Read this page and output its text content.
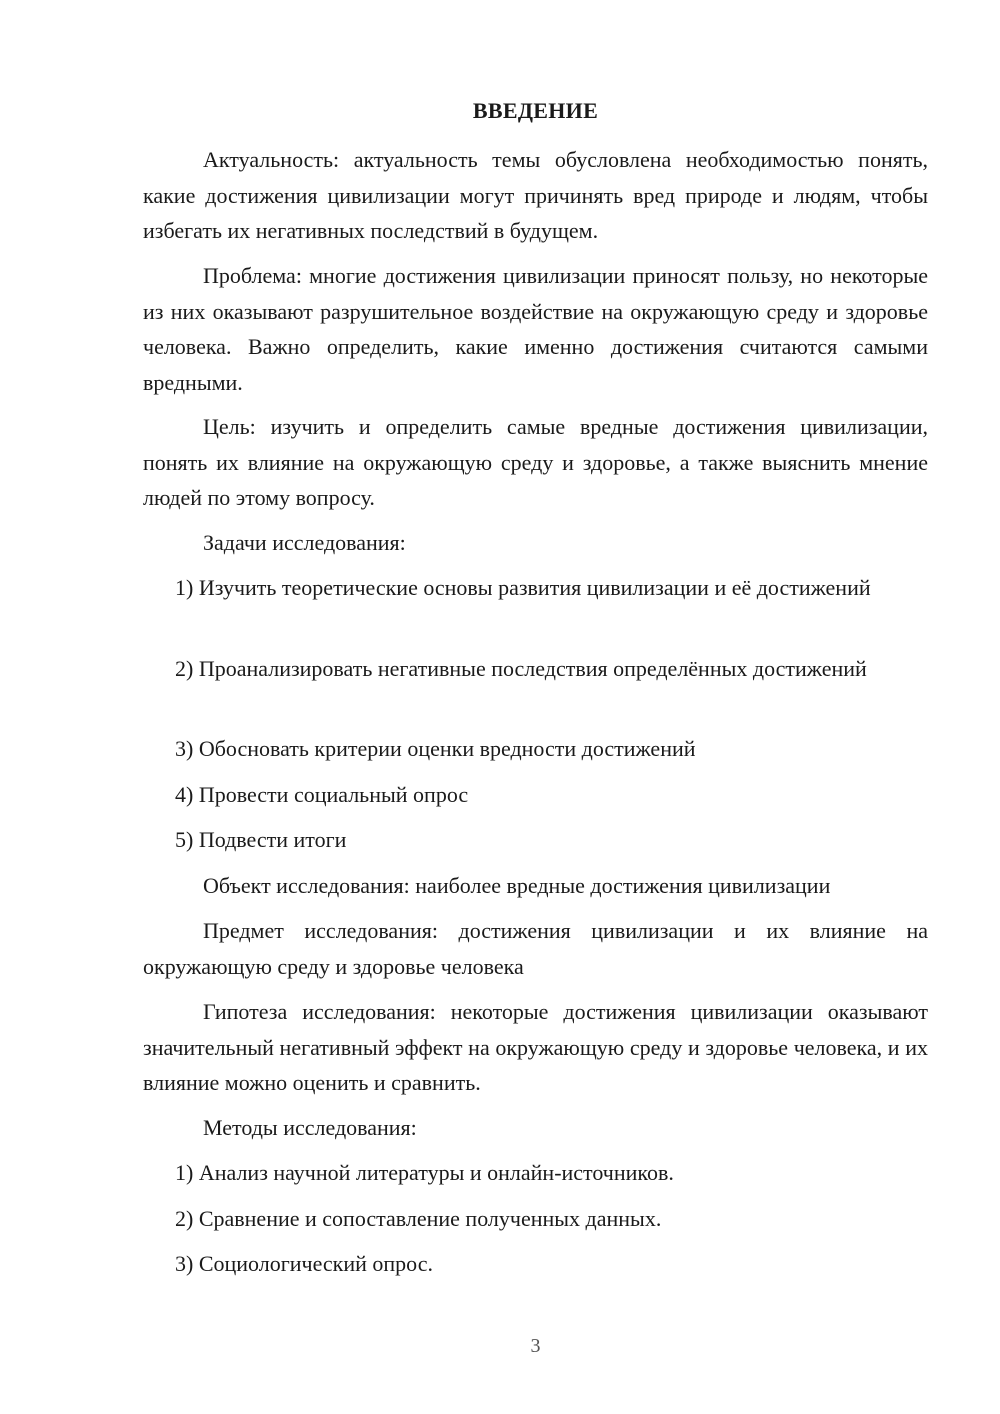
ВВЕДЕНИЕ

Актуальность: актуальность темы обусловлена необходимостью понять, какие достижения цивилизации могут причинять вред природе и людям, чтобы избегать их негативных последствий в будущем.

Проблема: многие достижения цивилизации приносят пользу, но некоторые из них оказывают разрушительное воздействие на окружающую среду и здоровье человека. Важно определить, какие именно достижения считаются самыми вредными.

Цель: изучить и определить самые вредные достижения цивилизации, понять их влияние на окружающую среду и здоровье, а также выяснить мнение людей по этому вопросу.

Задачи исследования:

1) Изучить теоретические основы развития цивилизации и её достижений

2) Проанализировать негативные последствия определённых достижений

3) Обосновать критерии оценки вредности достижений

4) Провести социальный опрос

5) Подвести итоги

Объект исследования: наиболее вредные достижения цивилизации

Предмет исследования: достижения цивилизации и их влияние на окружающую среду и здоровье человека

Гипотеза исследования: некоторые достижения цивилизации оказывают значительный негативный эффект на окружающую среду и здоровье человека, и их влияние можно оценить и сравнить.

Методы исследования:

1) Анализ научной литературы и онлайн-источников.

2) Сравнение и сопоставление полученных данных.

3) Социологический опрос.

3
